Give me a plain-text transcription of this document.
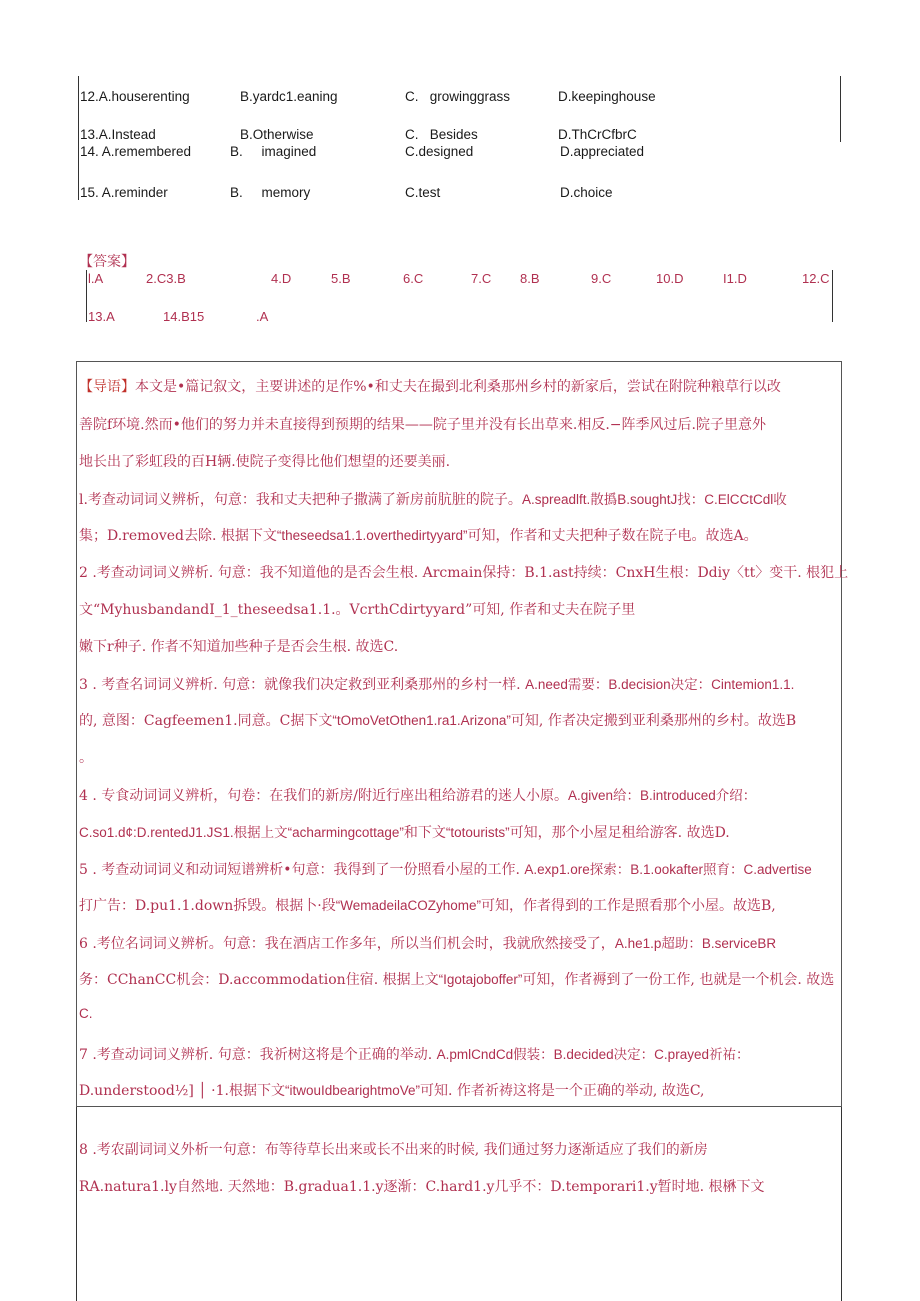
12.A.houserenting	B.yardc1.eaning	C.   growinggrass	D.keepinghouse
13.A.Instead	B.Otherwise	C.   Besides	D.ThCrCfbrC
14. A.remembered	B.     imagined	C.designed	D.appreciated
15. A.reminder	B.     memory	C.test	D.choice
【答案】
l.A	2.C3.B	4.D	5.B	6.C	7.C 8.B	9.C	10.D	I1.D	12.C
13.A	14.B15	.A
【导语】本文是•篇记叙文，主要讲述的足作%•和丈夫在撮到北利桑那州乡村的新家后，尝试在附院种粮草行以改
善院f环境.然而•他们的努力并未直接得到预期的结果——院子里并没有长出草来.相反.−阵季风过后.院子里意外
地长出了彩虹段的百H辆.使院子变得比他们想望的还要美丽.
l.考查动词词义辨析，句意：我和丈夫把种子撒满了新房前肮脏的院子。A.spreadlft.散撝B.soughtJ找：C.ElCCtCdl收
集；D.removed去除. 根据下文“theseedsa1.1.overthedirtyyard”可知，作者和丈夫把种子数在院子电。故选A。
2 .考查动词词义辨析. 句意：我不知道他的是否会生根. Arcmain保持：B.1.ast持续：CnxH生根：Ddiy〈tt〉变干. 根犯上
文“MyhusbandandI_1_theseedsa1.1.。VcrthCdirtyyard”可知, 作者和丈夫在院子里
嫩下r种子. 作者不知道加些种子是否会生根. 故选C.
3 . 考查名词词义辨析. 句意：就像我们决定救到亚利桑那州的乡村一样. A.need需要：B.decision决定：Cintemion1.1.
的, 意图：Cagfeemen1.同意。C据下文“tOmoVetOthen1.ra1.Arizona”可知, 作者决定搬到亚利桑那州的乡村。故选B
。
4 . 专食动词词义辨析，句卷：在我们的新房/附近行座出租给游君的迷人小原。A.given给：B.introduced介绍：
C.so1.d¢:D.rentedJ1.JS1.根据上文“acharmingcottage”和下文“totourists”可知，那个小屋足租给游客. 故选D.
5 . 考查动词词义和动词短谱辨析•句意：我得到了一份照看小屋的工作. A.exp1.ore探索：B.1.ookafter照育：C.advertise
打广告：D.pu1.1.down拆毁。根据卜·段“WemadeilaCOZyhome”可知，作者得到的工作是照看那个小屋。故选B,
6 .考位名词词义辨析。句意：我在酒店工作多年，所以当们机会时，我就欣然接受了，A.he1.p超助：B.serviceBR
务：CChanCC机会：D.accommodation住宿. 根据上文“Igotajoboffer”可知，作者褥到了一份工作, 也就是一个机会. 故选
C.
7 .考查动词词义辨析. 句意：我祈树这将是个正确的举动. A.pmlCndCd假装：B.decided决定：C.prayed祈祐：
D.understood½] │ ·1.根据下文“itwouIdbearightmoVe”可知. 作者祈祷这将是一个正确的举动, 故选C,
8 .考农副词词义外析一句意：布等待草长出来或长不出来的时候, 我们通过努力逐渐适应了我们的新房
RA.natura1.ly自然地. 天然地：B.gradua1.1.y逐渐：C.hard1.y几乎不：D.temporari1.y暂时地. 根楙下文
